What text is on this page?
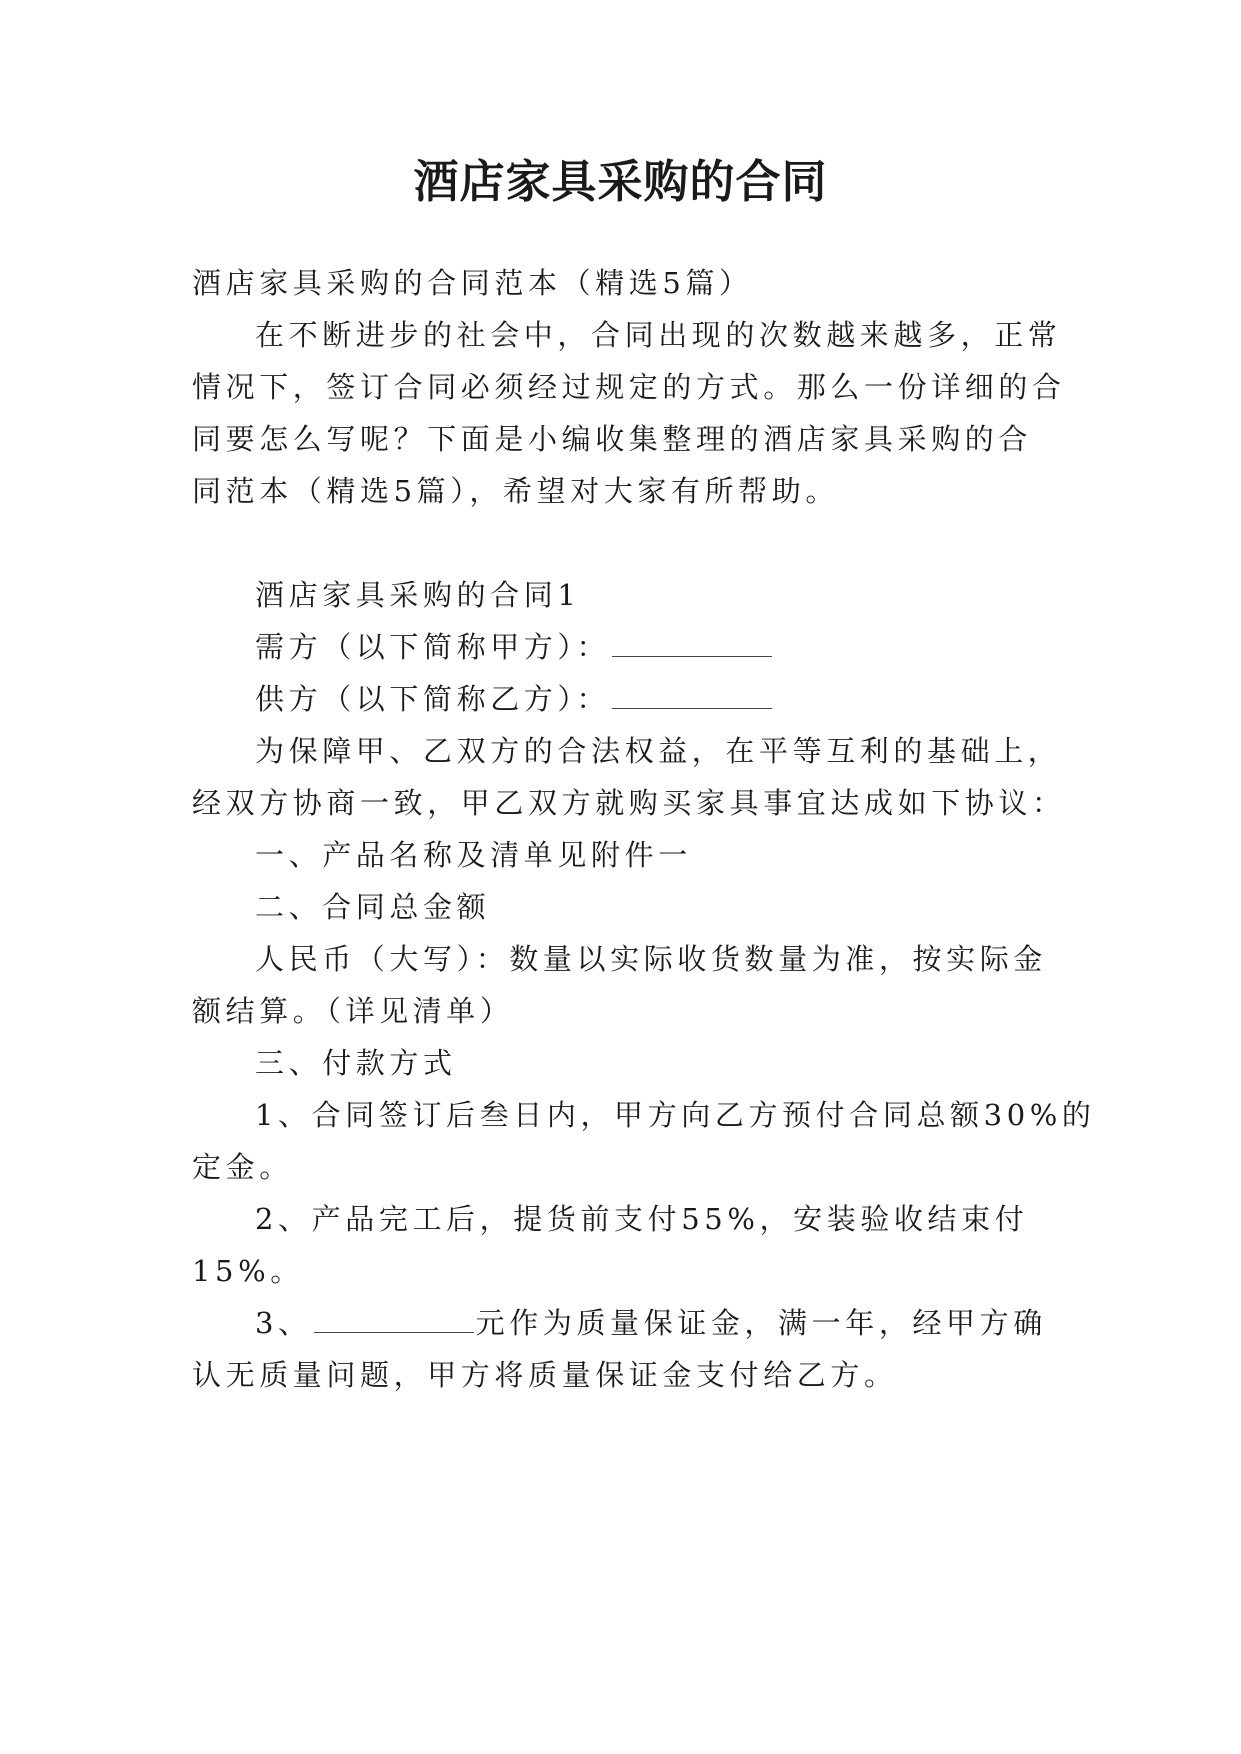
酒店家具采购的合同
酒店家具采购的合同范本（精选5篇）
在不断进步的社会中，合同出现的次数越来越多，正常
情况下，签订合同必须经过规定的方式。那么一份详细的合
同要怎么写呢？下面是小编收集整理的酒店家具采购的合
同范本（精选5篇），希望对大家有所帮助。
酒店家具采购的合同1
需方（以下简称甲方）：
供方（以下简称乙方）：
为保障甲、乙双方的合法权益，在平等互利的基础上，
经双方协商一致，甲乙双方就购买家具事宜达成如下协议：
一、产品名称及清单见附件一
二、合同总金额
人民币（大写）：数量以实际收货数量为准，按实际金
额结算。（详见清单）
三、付款方式
1、合同签订后叁日内，甲方向乙方预付合同总额30%的
定金。
2、产品完工后，提货前支付55%，安装验收结束付
15%。
3、	元作为质量保证金，满一年，经甲方确
认无质量问题，甲方将质量保证金支付给乙方。
